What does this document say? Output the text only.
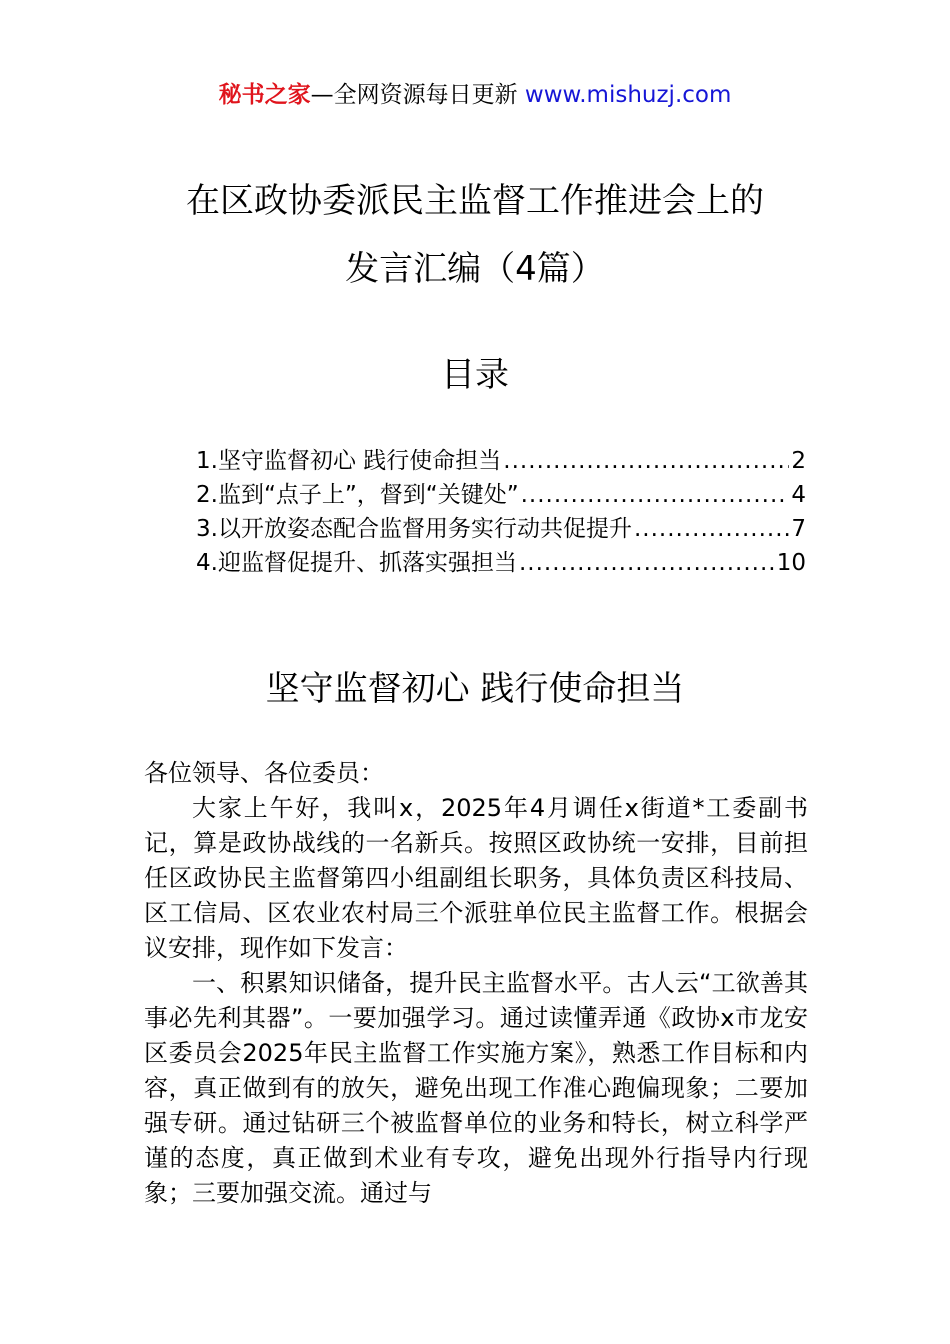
秘书之家—全网资源每日更新 www.mishuzj.com
在区政协委派民主监督工作推进会上的
发言汇编（4篇）
目录
1.坚守监督初心 践行使命担当 .....	2
2.监到“点子上”，督到“关键处” .....	4
3.以开放姿态配合监督用务实行动共促提升 .....	7
4.迎监督促提升、抓落实强担当 .....	10
坚守监督初心 践行使命担当

各位领导、各位委员：

大家上午好，我叫x，2025年4月调任x街道*工委副书记，算是政协战线的一名新兵。按照区政协统一安排，目前担任区政协民主监督第四小组副组长职务，具体负责区科技局、区工信局、区农业农村局三个派驻单位民主监督工作。根据会议安排，现作如下发言：

一、积累知识储备，提升民主监督水平。古人云“工欲善其事必先利其器”。一要加强学习。通过读懂弄通《政协x市龙安区委员会2025年民主监督工作实施方案》，熟悉工作目标和内容，真正做到有的放矢，避免出现工作准心跑偏现象；二要加强专研。通过钻研三个被监督单位的业务和特长，树立科学严谨的态度，真正做到术业有专攻，避免出现外行指导内行现象；三要加强交流。通过与
